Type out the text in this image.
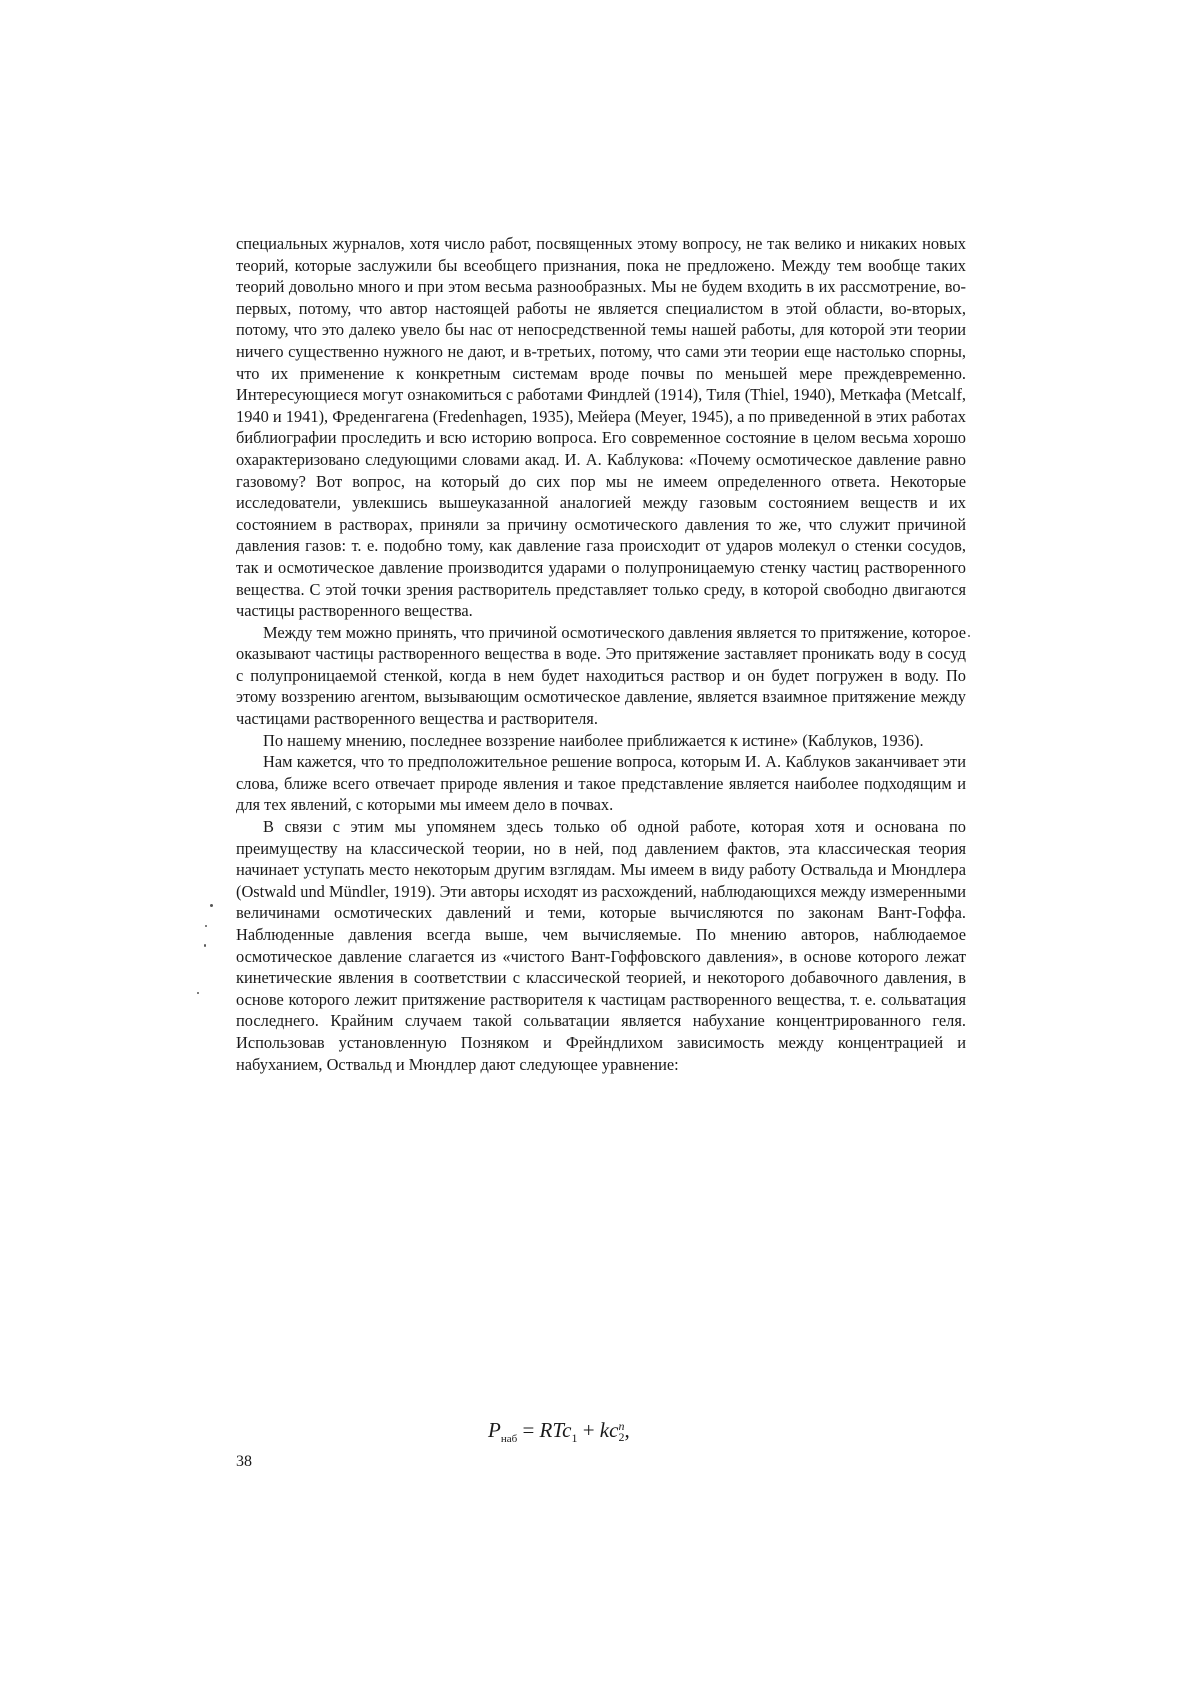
специальных журналов, хотя число работ, посвященных этому вопросу, не так велико и никаких новых теорий, которые заслужили бы всеобщего признания, пока не предложено. Между тем вообще таких теорий довольно много и при этом весьма разнообразных. Мы не будем входить в их рассмотрение, во-первых, потому, что автор настоящей работы не является специалистом в этой области, во-вторых, потому, что это далеко увело бы нас от непосредственной темы нашей работы, для которой эти теории ничего существенно нужного не дают, и в-третьих, потому, что сами эти теории еще настолько спорны, что их применение к конкретным системам вроде почвы по меньшей мере преждевременно. Интересующиеся могут ознакомиться с работами Финдлей (1914), Тиля (Thiel, 1940), Меткафа (Metcalf, 1940 и 1941), Фреденгагена (Fredenhagen, 1935), Мейера (Meyer, 1945), а по приведенной в этих работах библиографии проследить и всю историю вопроса. Его современное состояние в целом весьма хорошо охарактеризовано следующими словами акад. И. А. Каблукова: «Почему осмотическое давление равно газовому? Вот вопрос, на который до сих пор мы не имеем определенного ответа. Некоторые исследователи, увлекшись вышеуказанной аналогией между газовым состоянием веществ и их состоянием в растворах, приняли за причину осмотического давления то же, что служит причиной давления газов: т. е. подобно тому, как давление газа происходит от ударов молекул о стенки сосудов, так и осмотическое давление производится ударами о полупроницаемую стенку частиц растворенного вещества. С этой точки зрения растворитель представляет только среду, в которой свободно двигаются частицы растворенного вещества.

Между тем можно принять, что причиной осмотического давления является то притяжение, которое оказывают частицы растворенного вещества в воде. Это притяжение заставляет проникать воду в сосуд с полупроницаемой стенкой, когда в нем будет находиться раствор и он будет погружен в воду. По этому воззрению агентом, вызывающим осмотическое давление, является взаимное притяжение между частицами растворенного вещества и растворителя.

По нашему мнению, последнее воззрение наиболее приближается к истине» (Каблуков, 1936).

Нам кажется, что то предположительное решение вопроса, которым И. А. Каблуков заканчивает эти слова, ближе всего отвечает природе явления и такое представление является наиболее подходящим и для тех явлений, с которыми мы имеем дело в почвах.

В связи с этим мы упомянем здесь только об одной работе, которая хотя и основана по преимуществу на классической теории, но в ней, под давлением фактов, эта классическая теория начинает уступать место некоторым другим взглядам. Мы имеем в виду работу Оствальда и Мюндлера (Ostwald und Mündler, 1919). Эти авторы исходят из расхождений, наблюдающихся между измеренными величинами осмотических давлений и теми, которые вычисляются по законам Вант-Гоффа. Наблюденные давления всегда выше, чем вычисляемые. По мнению авторов, наблюдаемое осмотическое давление слагается из «чистого Вант-Гоффовского давления», в основе которого лежат кинетические явления в соответствии с классической теорией, и некоторого добавочного давления, в основе которого лежит притяжение растворителя к частицам растворенного вещества, т. е. сольватация последнего. Крайним случаем такой сольватации является набухание концентрированного геля. Использовав установленную Позняком и Фрейндлихом зависимость между концентрацией и набуханием, Оствальд и Мюндлер дают следующее уравнение:

$P_{наб} = RTc_1$ + kc n
2 ,
38
